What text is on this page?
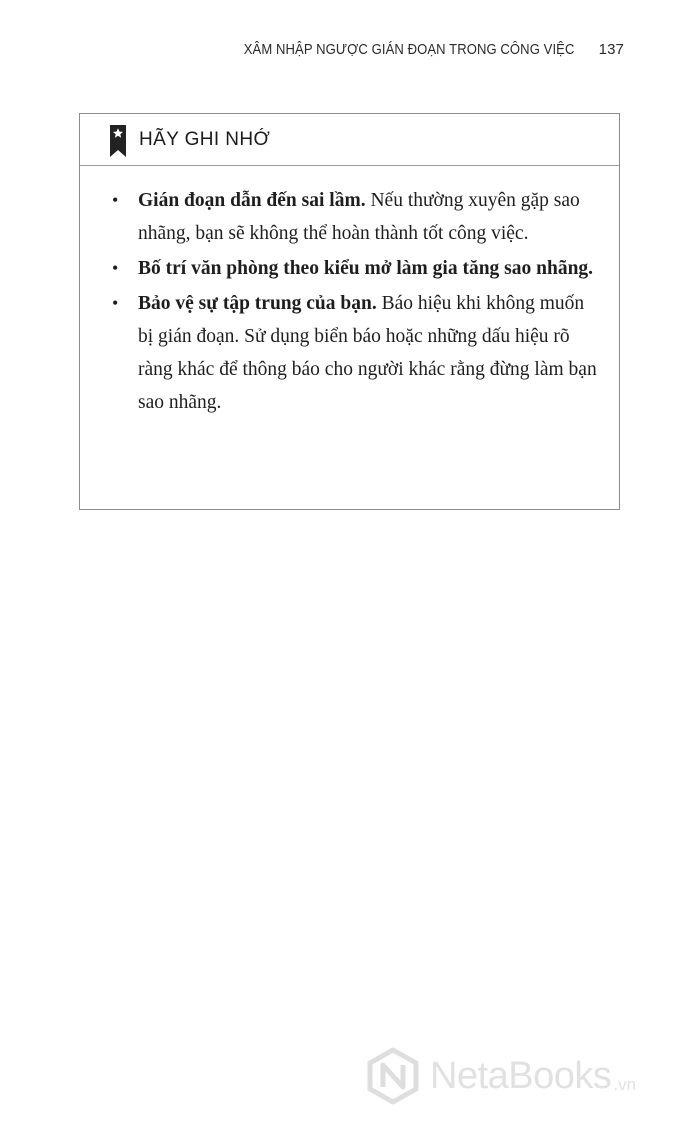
XÂM NHẬP NGƯỢC GIÁN ĐOẠN TRONG CÔNG VIỆC 137
HÃY GHI NHỚ
• Gián đoạn dẫn đến sai lầm. Nếu thường xuyên gặp sao nhãng, bạn sẽ không thể hoàn thành tốt công việc.
• Bố trí văn phòng theo kiểu mở làm gia tăng sao nhãng.
• Bảo vệ sự tập trung của bạn. Báo hiệu khi không muốn bị gián đoạn. Sử dụng biển báo hoặc những dấu hiệu rõ ràng khác để thông báo cho người khác rằng đừng làm bạn sao nhãng.
NetaBooks .vn
